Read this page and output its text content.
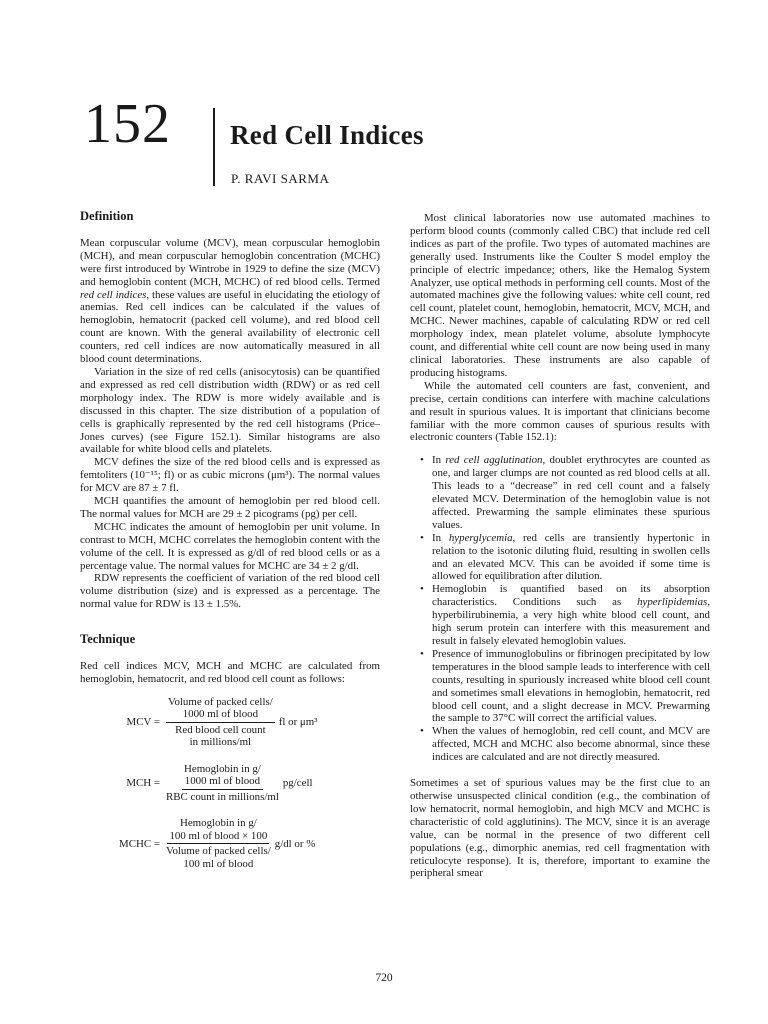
152 Red Cell Indices
P. RAVI SARMA
Definition

Mean corpuscular volume (MCV), mean corpuscular hemoglobin (MCH), and mean corpuscular hemoglobin concentration (MCHC) were first introduced by Wintrobe in 1929 to define the size (MCV) and hemoglobin content (MCH, MCHC) of red blood cells. Termed red cell indices, these values are useful in elucidating the etiology of anemias. Red cell indices can be calculated if the values of hemoglobin, hematocrit (packed cell volume), and red blood cell count are known. With the general availability of electronic cell counters, red cell indices are now automatically measured in all blood count determinations.

Variation in the size of red cells (anisocytosis) can be quantified and expressed as red cell distribution width (RDW) or as red cell morphology index. The RDW is more widely available and is discussed in this chapter. The size distribution of a population of cells is graphically represented by the red cell histograms (Price–Jones curves) (see Figure 152.1). Similar histograms are also available for white blood cells and platelets.

MCV defines the size of the red blood cells and is expressed as femtoliters (10⁻¹⁵; fl) or as cubic microns (μm³). The normal values for MCV are 87 ± 7 fl.

MCH quantifies the amount of hemoglobin per red blood cell. The normal values for MCH are 29 ± 2 picograms (pg) per cell.

MCHC indicates the amount of hemoglobin per unit volume. In contrast to MCH, MCHC correlates the hemoglobin content with the volume of the cell. It is expressed as g/dl of red blood cells or as a percentage value. The normal values for MCHC are 34 ± 2 g/dl.

RDW represents the coefficient of variation of the red blood cell volume distribution (size) and is expressed as a percentage. The normal value for RDW is 13 ± 1.5%.

Technique

Red cell indices MCV, MCH and MCHC are calculated from hemoglobin, hematocrit, and red blood cell count as follows:

MCV =
Volume of packed cells/
1000 ml of blood
Red blood cell count
in millions/ml
fl or μm³
MCH =
Hemoglobin in g/
1000 ml of blood
RBC count in millions/ml
pg/cell
MCHC =
Hemoglobin in g/
100 ml of blood × 100
Volume of packed cells/
100 ml of blood
g/dl or %

Most clinical laboratories now use automated machines to perform blood counts (commonly called CBC) that include red cell indices as part of the profile. Two types of automated machines are generally used. Instruments like the Coulter S model employ the principle of electric impedance; others, like the Hemalog System Analyzer, use optical methods in performing cell counts. Most of the automated machines give the following values: white cell count, red cell count, platelet count, hemoglobin, hematocrit, MCV, MCH, and MCHC. Newer machines, capable of calculating RDW or red cell morphology index, mean platelet volume, absolute lymphocyte count, and differential white cell count are now being used in many clinical laboratories. These instruments are also capable of producing histograms.

While the automated cell counters are fast, convenient, and precise, certain conditions can interfere with machine calculations and result in spurious values. It is important that clinicians become familiar with the more common causes of spurious results with electronic counters (Table 152.1):

• In red cell agglutination, doublet erythrocytes are counted as one, and larger clumps are not counted as red blood cells at all. This leads to a “decrease” in red cell count and a falsely elevated MCV. Determination of the hemoglobin value is not affected. Prewarming the sample eliminates these spurious values.
• In hyperglycemia, red cells are transiently hypertonic in relation to the isotonic diluting fluid, resulting in swollen cells and an elevated MCV. This can be avoided if some time is allowed for equilibration after dilution.
• Hemoglobin is quantified based on its absorption characteristics. Conditions such as hyperlipidemias, hyperbilirubinemia, a very high white blood cell count, and high serum protein can interfere with this measurement and result in falsely elevated hemoglobin values.
• Presence of immunoglobulins or fibrinogen precipitated by low temperatures in the blood sample leads to interference with cell counts, resulting in spuriously increased white blood cell count and sometimes small elevations in hemoglobin, hematocrit, red blood cell count, and a slight decrease in MCV. Prewarming the sample to 37°C will correct the artificial values.
• When the values of hemoglobin, red cell count, and MCV are affected, MCH and MCHC also become abnormal, since these indices are calculated and are not directly measured.

Sometimes a set of spurious values may be the first clue to an otherwise unsuspected clinical condition (e.g., the combination of low hematocrit, normal hemoglobin, and high MCV and MCHC is characteristic of cold agglutinins). The MCV, since it is an average value, can be normal in the presence of two different cell populations (e.g., dimorphic anemias, red cell fragmentation with reticulocyte response). It is, therefore, important to examine the peripheral smear

720
